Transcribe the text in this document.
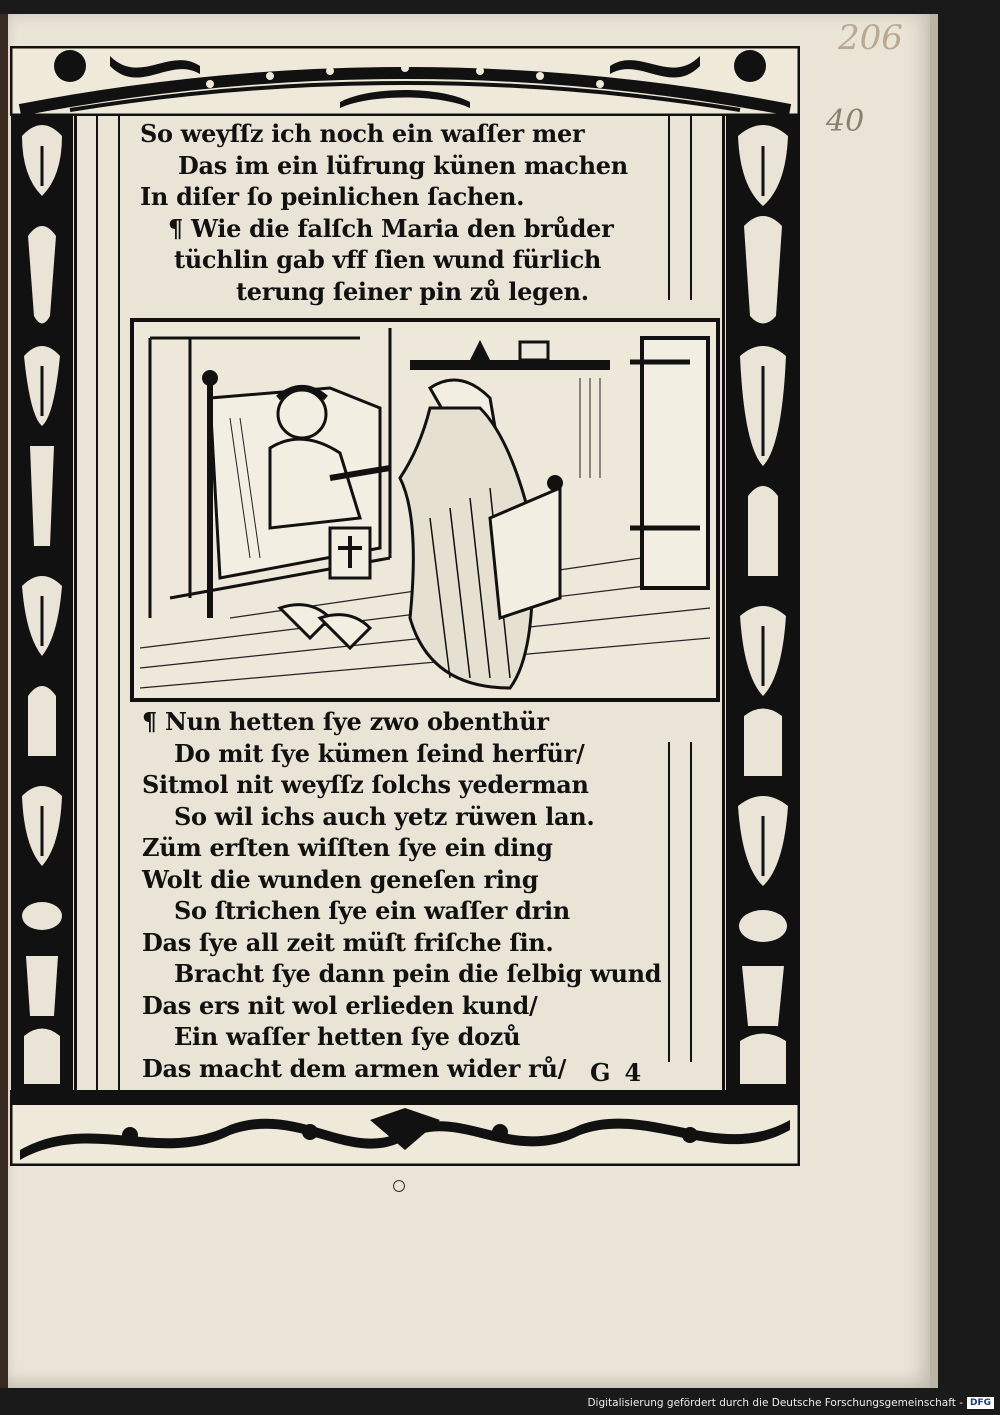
206
40
So weyſſz ich noch ein waſſer mer
Das im ein lüfrung künen machen
In diſer ſo peinlichen ſachen.
¶ Wie die falſch Maria den brůder
tüchlin gab vff ſien wund fürlich
terung ſeiner pin zů legen.
¶ Nun hetten ſye zwo obenthür
Do mit ſye kümen ſeind herfür/
Sitmol nit weyſſz ſolchs yederman
So wil ichs auch yetz rüwen lan.
Züm erſten wiſſten ſye ein ding
Wolt die wunden geneſen ring
So ſtrichen ſye ein waſſer drin
Das ſye all zeit müſt friſche ſin.
Bracht ſye dann pein die ſelbig wund
Das ers nit wol erlieden kund/
Ein waſſer hetten ſye dozů
Das macht dem armen wider rů/ G 4
Digitalisierung gefördert durch die Deutsche Forschungsgemeinschaft - DFG
